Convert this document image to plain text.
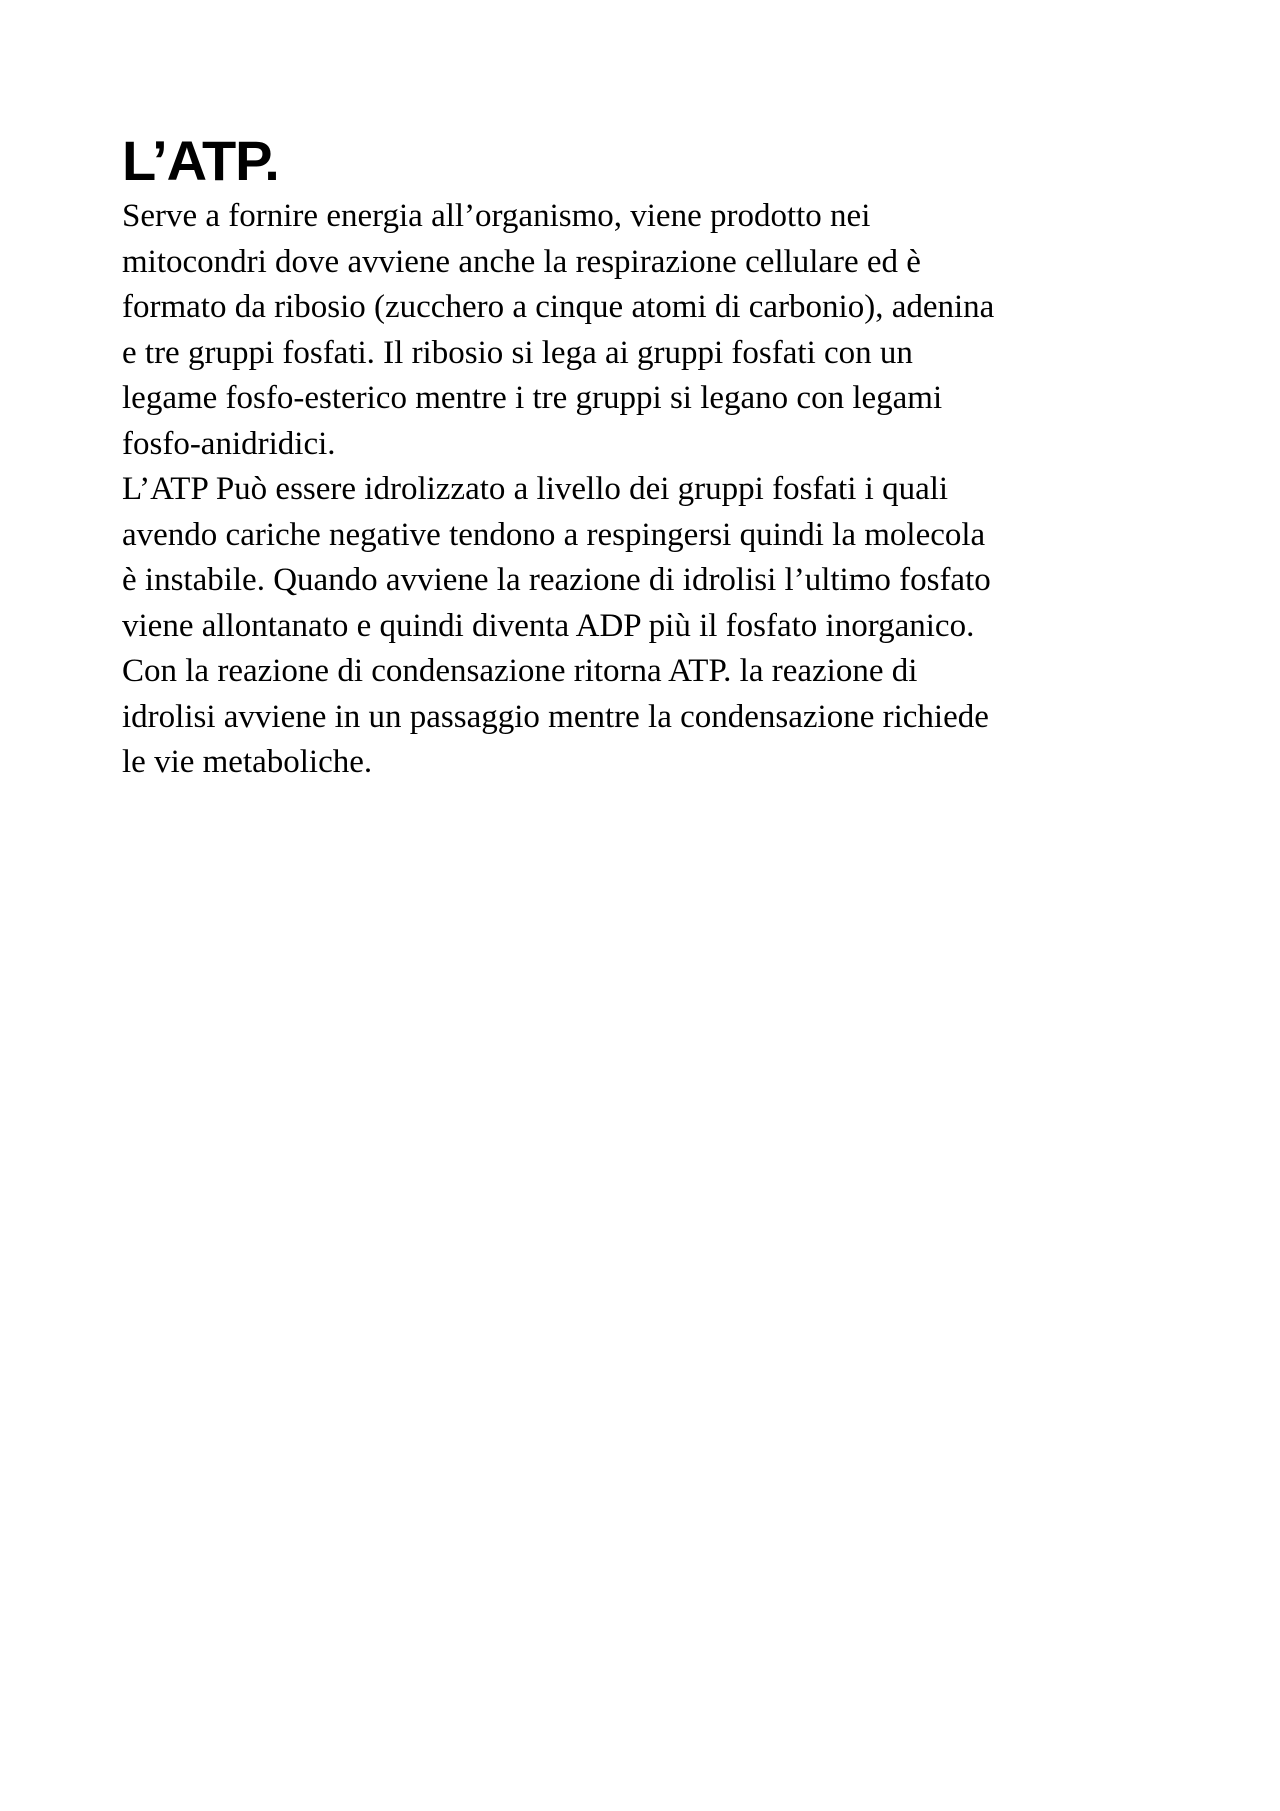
L’ATP.

Serve a fornire energia all’organismo, viene prodotto nei
mitocondri dove avviene anche la respirazione cellulare ed è
formato da ribosio (zucchero a cinque atomi di carbonio), adenina
e tre gruppi fosfati. Il ribosio si lega ai gruppi fosfati con un
legame fosfo-esterico mentre i tre gruppi si legano con legami
fosfo-anidridici.

L’ATP Può essere idrolizzato a livello dei gruppi fosfati i quali
avendo cariche negative tendono a respingersi quindi la molecola
è instabile. Quando avviene la reazione di idrolisi l’ultimo fosfato
viene allontanato e quindi diventa ADP più il fosfato inorganico.
Con la reazione di condensazione ritorna ATP. la reazione di
idrolisi avviene in un passaggio mentre la condensazione richiede
le vie metaboliche.
